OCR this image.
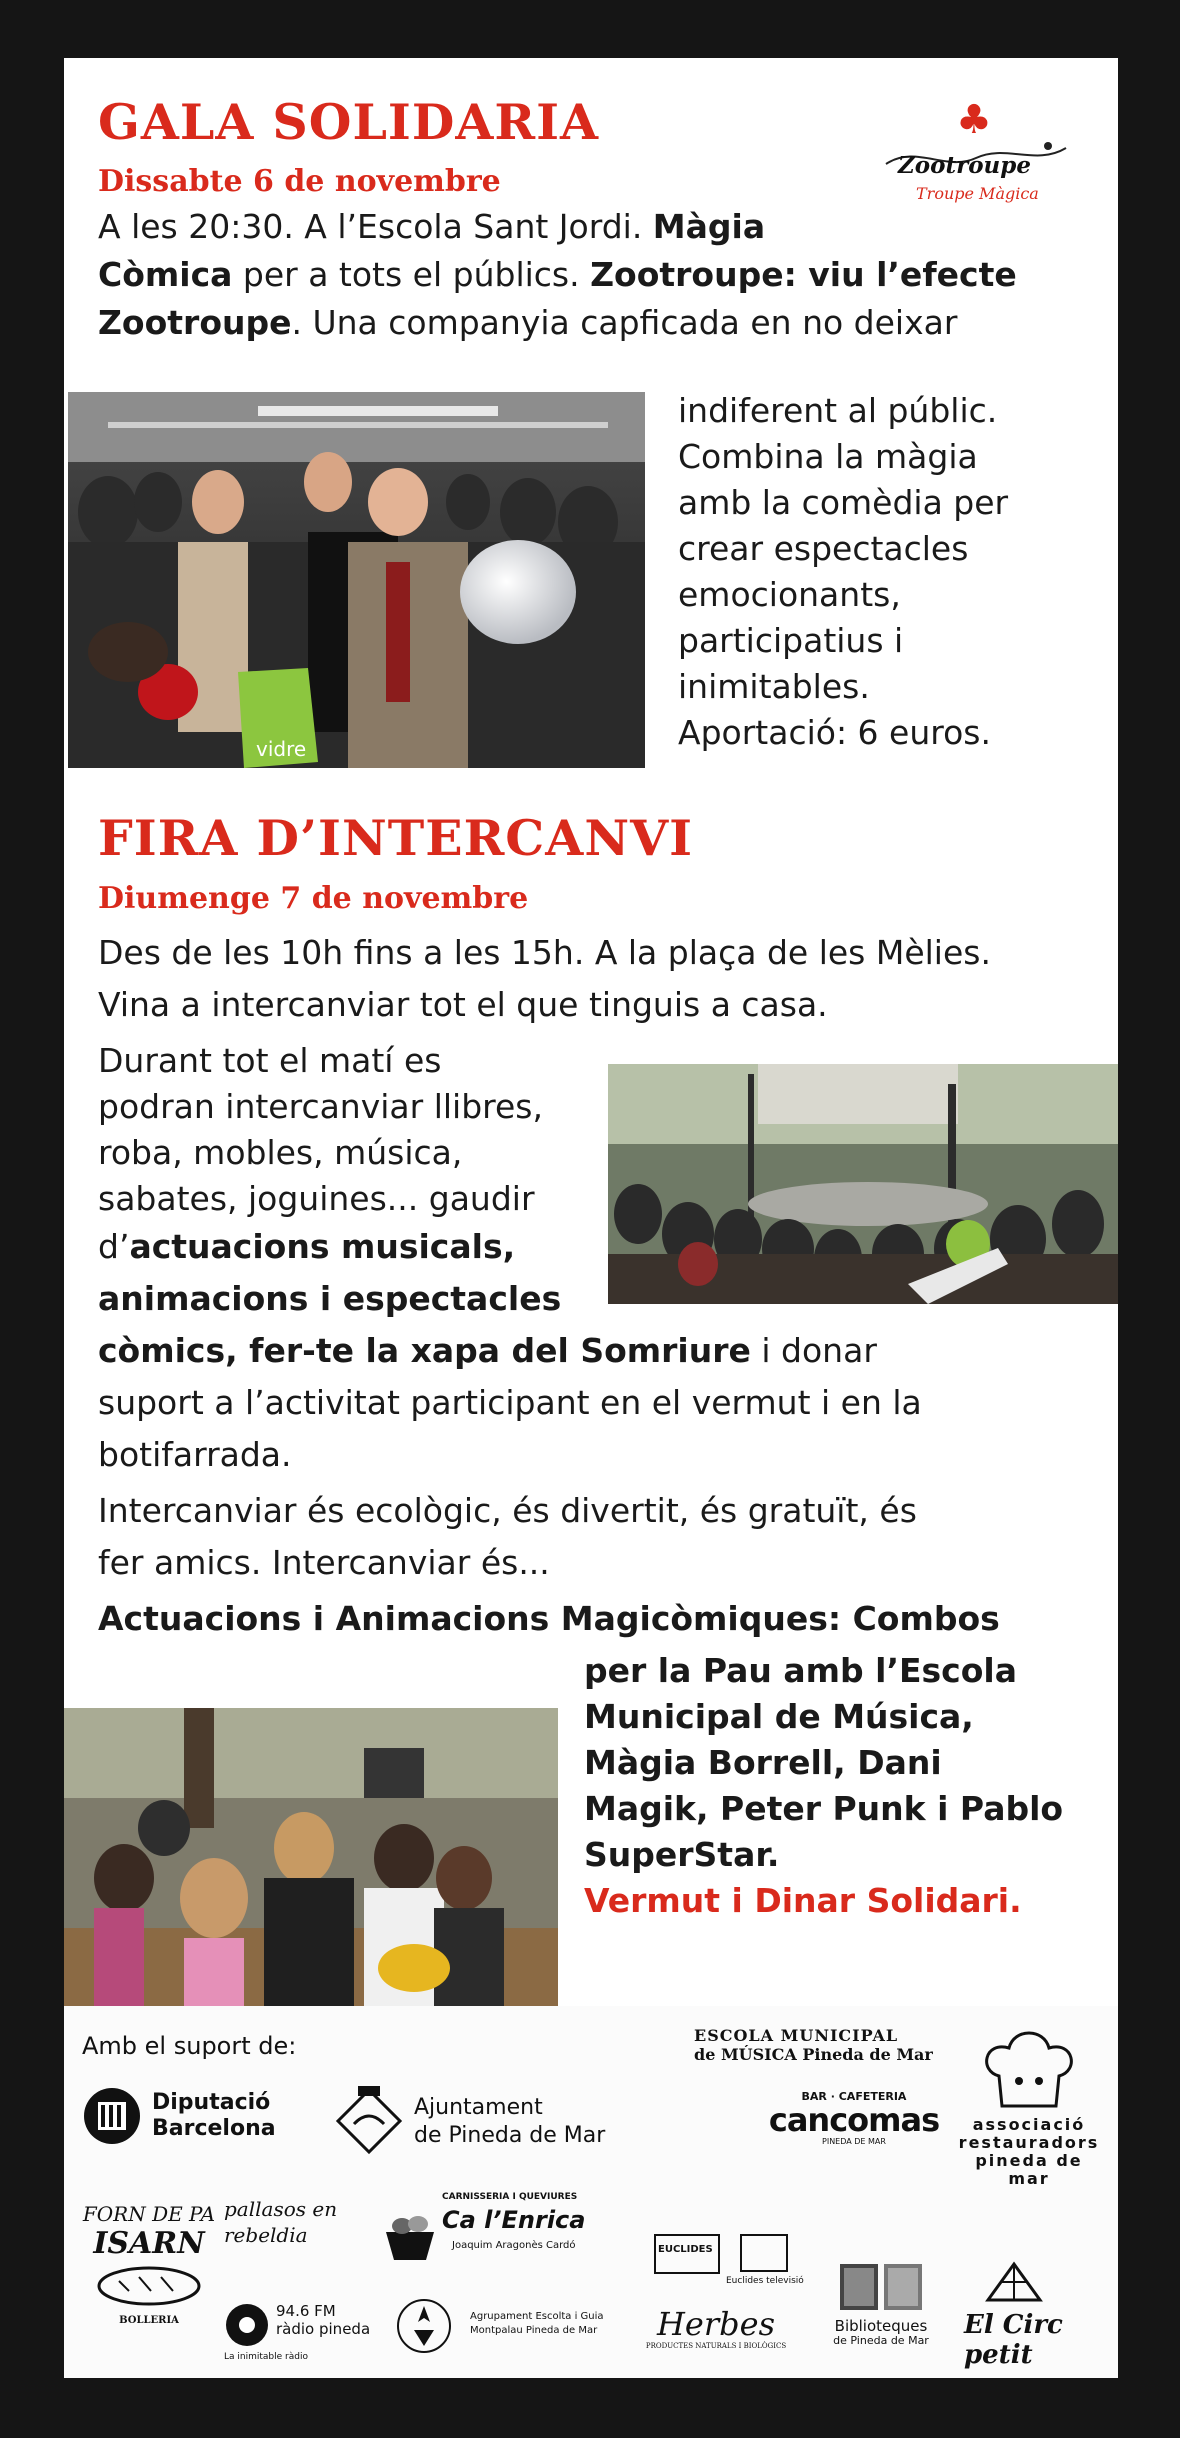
GALA SOLIDARIA
Dissabte 6 de novembre
♣
Zootroupe
Troupe Màgica
A les 20:30. A l’Escola Sant Jordi. Màgia
Còmica per a tots el públics. Zootroupe: viu l’efecte
Zootroupe. Una companyia capficada en no deixar
vidre
indiferent al públic.
Combina la màgia
amb la comèdia per
crear espectacles
emocionants,
participatius i
inimitables.
Aportació: 6 euros.
FIRA D’INTERCANVI
Diumenge 7 de novembre
Des de les 10h fins a les 15h. A la plaça de les Mèlies.
Vina a intercanviar tot el que tinguis a casa.
Durant tot el matí es
podran intercanviar llibres,
roba, mobles, música,
sabates, joguines... gaudir
d’actuacions musicals,
animacions i espectacles
còmics, fer-te la xapa del Somriure i donar
suport a l’activitat participant en el vermut i en la
botifarrada.
Intercanviar és ecològic, és divertit, és gratuït, és
fer amics. Intercanviar és...
Actuacions i Animacions Magicòmiques: Combos
per la Pau amb l’Escola
Municipal de Música,
Màgia Borrell, Dani
Magik, Peter Punk i Pablo
SuperStar.
Vermut i Dinar Solidari.
Amb el suport de:
Diputació
Barcelona
Ajuntament
de Pineda de Mar
ESCOLA MUNICIPAL
de MÚSICA Pineda de Mar
BAR · CAFETERIA
cancomas
PINEDA DE MAR
associació
restauradors
pineda de mar
FORN DE PA
ISARN
BOLLERIA
pallasos en
rebeldia
94.6 FM
ràdio pineda
La inimitable ràdio
CARNISSERIA I QUEVIURES
Ca l’Enrica
Joaquim Aragonès Cardó	EUCLIDES
Euclides televisió
Agrupament Escolta i Guia
Montpalau Pineda de Mar	Herbes
PRODUCTES NATURALS I BIOLÒGICS
Biblioteques
de Pineda de Mar
El Circ petit
